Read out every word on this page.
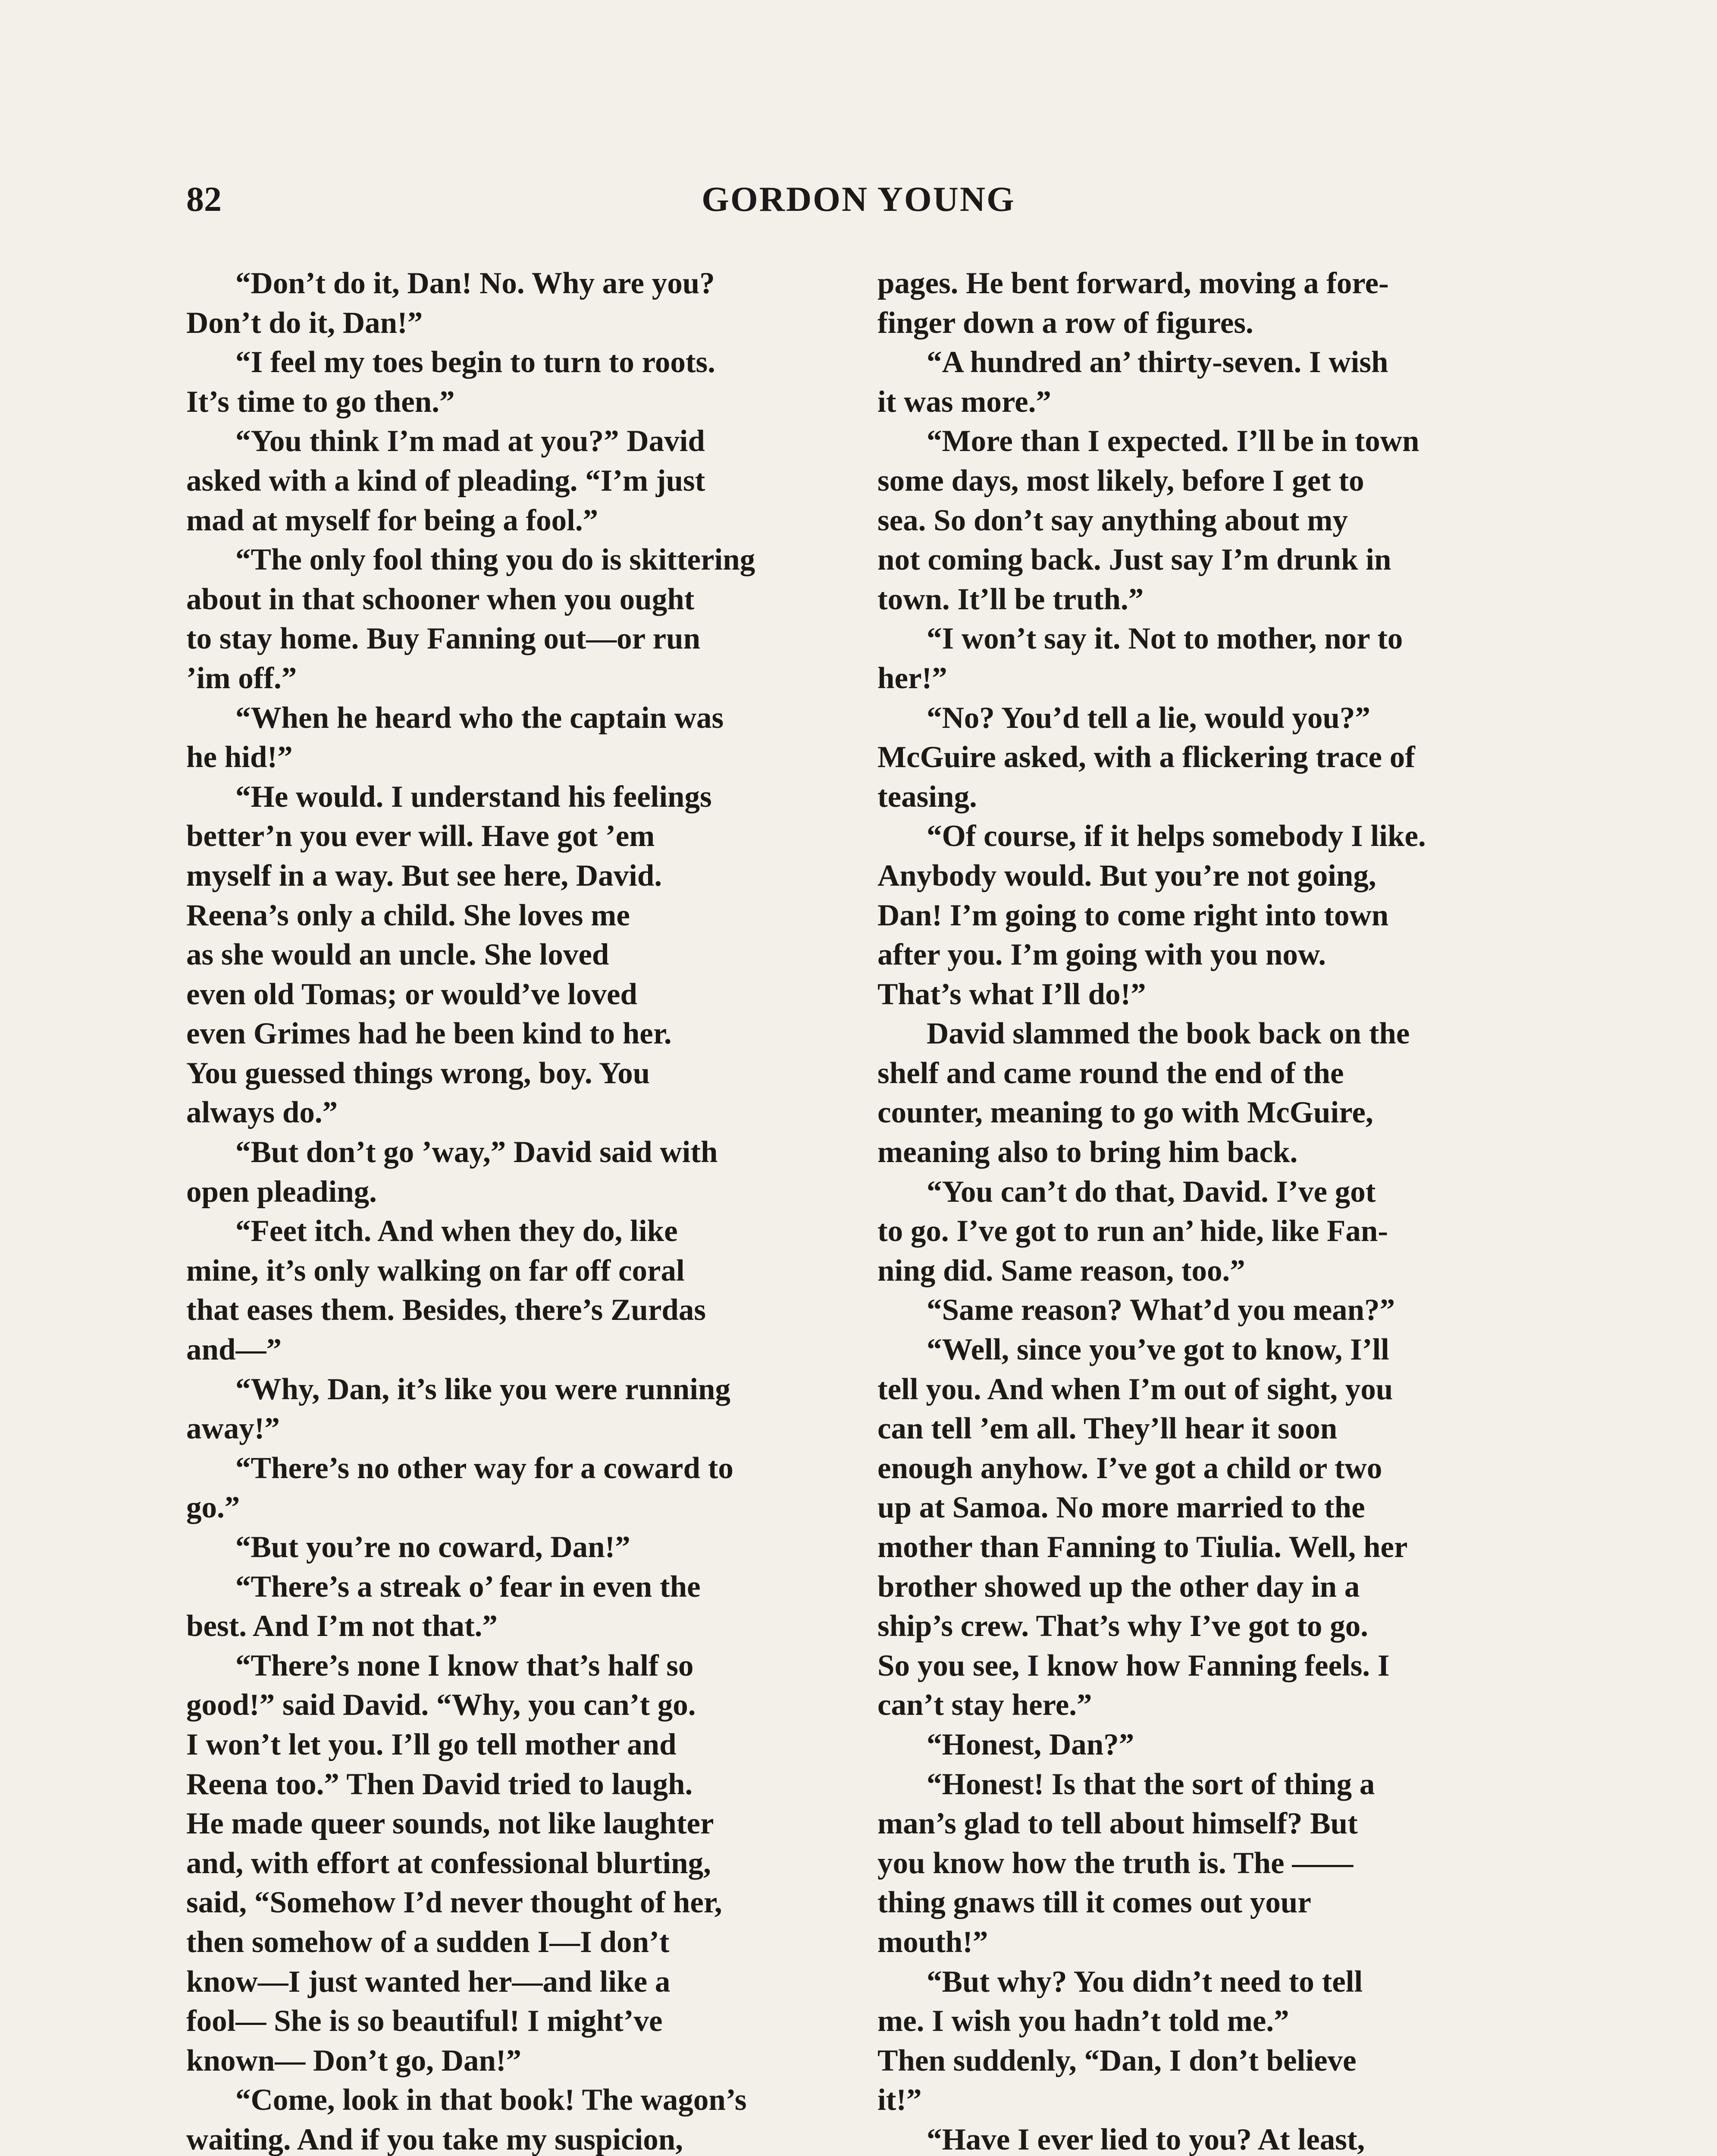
82	GORDON YOUNG

“Don’t do it, Dan! No. Why are you?
Don’t do it, Dan!”

“I feel my toes begin to turn to roots.
It’s time to go then.”

“You think I’m mad at you?” David
asked with a kind of pleading. “I’m just
mad at myself for being a fool.”

“The only fool thing you do is skittering
about in that schooner when you ought
to stay home. Buy Fanning out—or run
’im off.”

“When he heard who the captain was
he hid!”

“He would. I understand his feelings
better’n you ever will. Have got ’em
myself in a way. But see here, David.
Reena’s only a child. She loves me
as she would an uncle. She loved
even old Tomas; or would’ve loved
even Grimes had he been kind to her.
You guessed things wrong, boy. You
always do.”

“But don’t go ’way,” David said with
open pleading.

“Feet itch. And when they do, like
mine, it’s only walking on far off coral
that eases them. Besides, there’s Zurdas
and—”

“Why, Dan, it’s like you were running
away!”

“There’s no other way for a coward to
go.”

“But you’re no coward, Dan!”

“There’s a streak o’ fear in even the
best. And I’m not that.”

“There’s none I know that’s half so
good!” said David. “Why, you can’t go.
I won’t let you. I’ll go tell mother and
Reena too.” Then David tried to laugh.
He made queer sounds, not like laughter
and, with effort at confessional blurting,
said, “Somehow I’d never thought of her,
then somehow of a sudden I—I don’t
know—I just wanted her—and like a
fool— She is so beautiful! I might’ve
known— Don’t go, Dan!”

“Come, look in that book! The wagon’s
waiting. And if you take my suspicion,

pages. He bent forward, moving a fore-
finger down a row of figures.

“A hundred an’ thirty-seven. I wish
it was more.”

“More than I expected. I’ll be in town
some days, most likely, before I get to
sea. So don’t say anything about my
not coming back. Just say I’m drunk in
town. It’ll be truth.”

“I won’t say it. Not to mother, nor to
her!”

“No? You’d tell a lie, would you?”
McGuire asked, with a flickering trace of
teasing.

“Of course, if it helps somebody I like.
Anybody would. But you’re not going,
Dan! I’m going to come right into town
after you. I’m going with you now.
That’s what I’ll do!”

David slammed the book back on the
shelf and came round the end of the
counter, meaning to go with McGuire,
meaning also to bring him back.

“You can’t do that, David. I’ve got
to go. I’ve got to run an’ hide, like Fan-
ning did. Same reason, too.”

“Same reason? What’d you mean?”

“Well, since you’ve got to know, I’ll
tell you. And when I’m out of sight, you
can tell ’em all. They’ll hear it soon
enough anyhow. I’ve got a child or two
up at Samoa. No more married to the
mother than Fanning to Tiulia. Well, her
brother showed up the other day in a
ship’s crew. That’s why I’ve got to go.
So you see, I know how Fanning feels. I
can’t stay here.”

“Honest, Dan?”

“Honest! Is that the sort of thing a
man’s glad to tell about himself? But
you know how the truth is. The ——
thing gnaws till it comes out your
mouth!”

“But why? You didn’t need to tell
me. I wish you hadn’t told me.”
Then suddenly, “Dan, I don’t believe
it!”

“Have I ever lied to you? At least,
